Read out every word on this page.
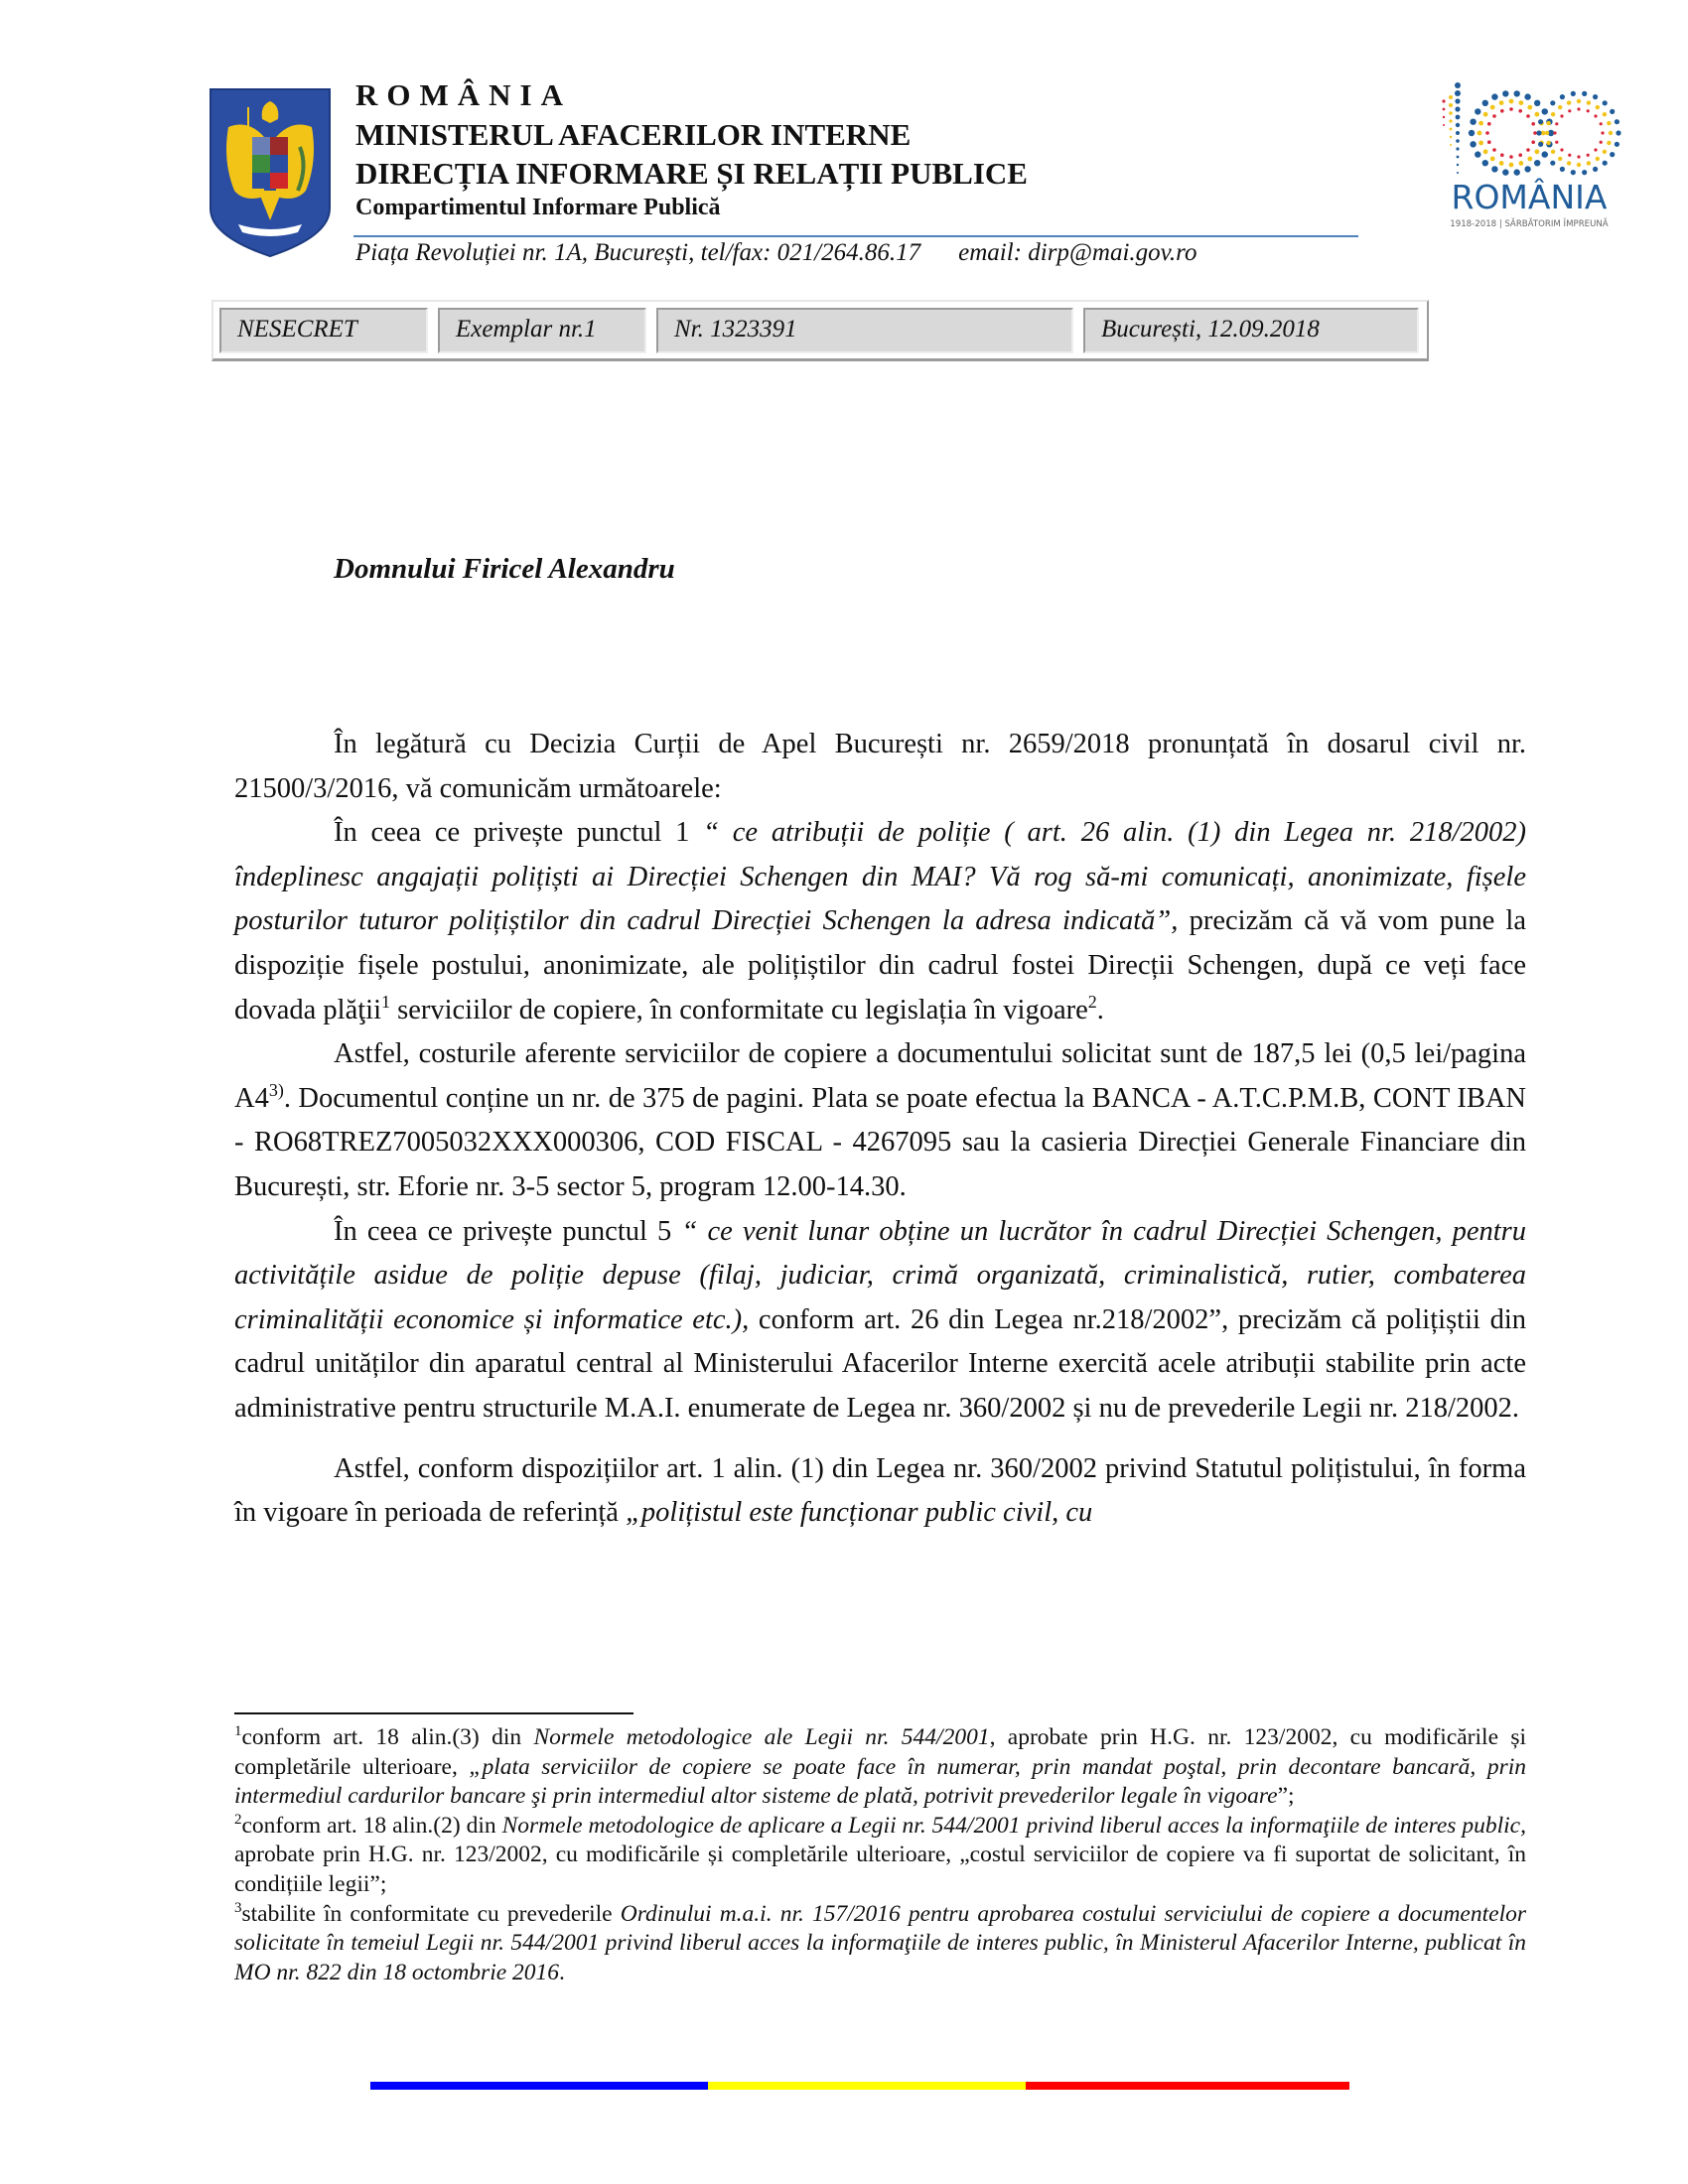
ROMÂNIA
MINISTERUL AFACERILOR INTERNE
DIRECȚIA INFORMARE ȘI RELAȚII PUBLICE
Compartimentul Informare Publică
Piața Revoluției nr. 1A, București, tel/fax: 021/264.86.17 email: dirp@mai.gov.ro
ROMÂNIA
1918-2018 | SĂRBĂTORIM ÎMPREUNĂ
NESECRET	Exemplar nr.1	Nr. 1323391	București, 12.09.2018
Domnului Firicel Alexandru

În legătură cu Decizia Curții de Apel București nr. 2659/2018 pronunțată în dosarul civil nr. 21500/3/2016, vă comunicăm următoarele:

În ceea ce privește punctul 1 “ ce atribuții de poliție ( art. 26 alin. (1) din Legea nr. 218/2002) îndeplinesc angajații polițiști ai Direcției Schengen din MAI? Vă rog să-mi comunicați, anonimizate, fișele posturilor tuturor polițiștilor din cadrul Direcției Schengen la adresa indicată”, precizăm că vă vom pune la dispoziție fișele postului, anonimizate, ale polițiștilor din cadrul fostei Direcții Schengen, după ce veți face dovada plăţii$^1$ serviciilor de copiere, în conformitate cu legislația în vigoare$^2$.

Astfel, costurile aferente serviciilor de copiere a documentului solicitat sunt de 187,5 lei (0,5 lei/pagina A4$^{3)}$. Documentul conține un nr. de 375 de pagini. Plata se poate efectua la BANCA - A.T.C.P.M.B, CONT IBAN - RO68TREZ7005032XXX000306, COD FISCAL - 4267095 sau la casieria Direcției Generale Financiare din București, str. Eforie nr. 3-5 sector 5, program 12.00-14.30.

În ceea ce privește punctul 5 “ ce venit lunar obține un lucrător în cadrul Direcției Schengen, pentru activitățile asidue de poliție depuse (filaj, judiciar, crimă organizată, criminalistică, rutier, combaterea criminalității economice și informatice etc.), conform art. 26 din Legea nr.218/2002”, precizăm că polițiștii din cadrul unităților din aparatul central al Ministerului Afacerilor Interne exercită acele atribuții stabilite prin acte administrative pentru structurile M.A.I. enumerate de Legea nr. 360/2002 și nu de prevederile Legii nr. 218/2002.

Astfel, conform dispozițiilor art. 1 alin. (1) din Legea nr. 360/2002 privind Statutul polițistului, în forma în vigoare în perioada de referință „polițistul este funcționar public civil, cu

$^1$conform art. 18 alin.(3) din Normele metodologice ale Legii nr. 544/2001, aprobate prin H.G. nr. 123/2002, cu modificările și completările ulterioare, „plata serviciilor de copiere se poate face în numerar, prin mandat poştal, prin decontare bancară, prin intermediul cardurilor bancare şi prin intermediul altor sisteme de plată, potrivit prevederilor legale în vigoare”;

$^2$conform art. 18 alin.(2) din Normele metodologice de aplicare a Legii nr. 544/2001 privind liberul acces la informaţiile de interes public, aprobate prin H.G. nr. 123/2002, cu modificările și completările ulterioare, „costul serviciilor de copiere va fi suportat de solicitant, în condițiile legii”;

$^3$stabilite în conformitate cu prevederile Ordinului m.a.i. nr. 157/2016 pentru aprobarea costului serviciului de copiere a documentelor solicitate în temeiul Legii nr. 544/2001 privind liberul acces la informaţiile de interes public, în Ministerul Afacerilor Interne, publicat în MO nr. 822 din 18 octombrie 2016.
